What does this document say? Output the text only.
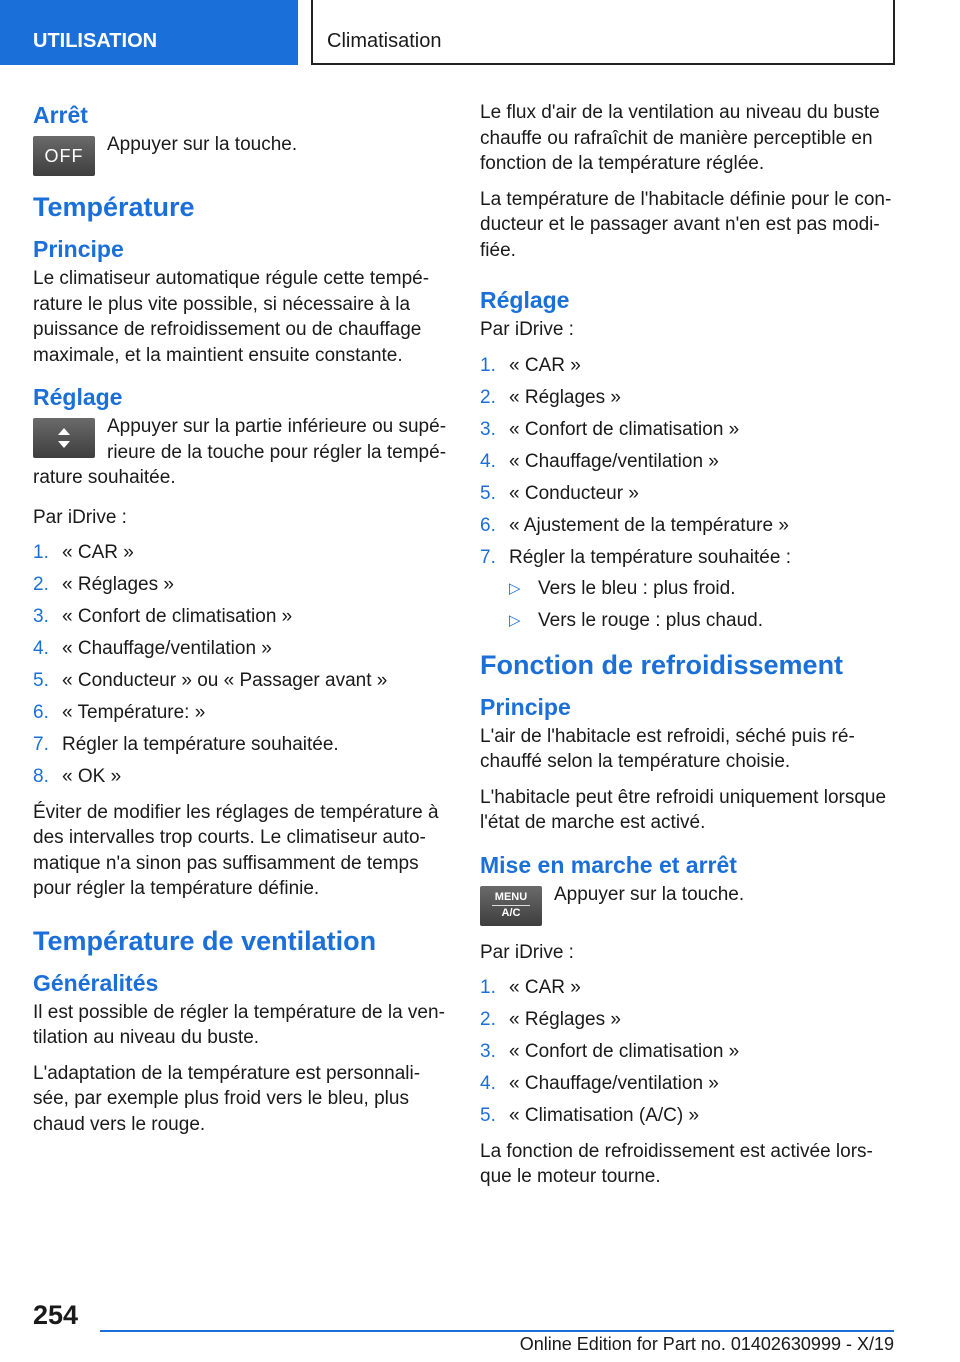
UTILISATION	Climatisation
Arrêt
OFF

Appuyer sur la touche.

Température
Principe

Le climatiseur automatique régule cette température le plus vite possible, si nécessaire à la puissance de refroidissement ou de chauffage maximale, et la maintient ensuite constante.

Réglage

Appuyer sur la partie inférieure ou supérieure de la touche pour régler la température souhaitée.

Par iDrive :

1. « CAR »
2. « Réglages »
3. « Confort de climatisation »
4. « Chauffage/ventilation »
5. « Conducteur » ou « Passager avant »
6. « Température: »
7. Régler la température souhaitée.
8. « OK »

Éviter de modifier les réglages de température à des intervalles trop courts. Le climatiseur automatique n'a sinon pas suffisamment de temps pour régler la température définie.

Température de ventilation
Généralités

Il est possible de régler la température de la ventilation au niveau du buste.

L'adaptation de la température est personnalisée, par exemple plus froid vers le bleu, plus chaud vers le rouge.

Le flux d'air de la ventilation au niveau du buste chauffe ou rafraîchit de manière perceptible en fonction de la température réglée.

La température de l'habitacle définie pour le conducteur et le passager avant n'en est pas modifiée.

Réglage

Par iDrive :

1. « CAR »
2. « Réglages »
3. « Confort de climatisation »
4. « Chauffage/ventilation »
5. « Conducteur »
6. « Ajustement de la température »
7. Régler la température souhaitée :
▷ Vers le bleu : plus froid.
▷ Vers le rouge : plus chaud.
Fonction de refroidissement
Principe

L'air de l'habitacle est refroidi, séché puis réchauffé selon la température choisie.

L'habitacle peut être refroidi uniquement lorsque l'état de marche est activé.

Mise en marche et arrêt
MENU
A/C

Appuyer sur la touche.

Par iDrive :

1. « CAR »
2. « Réglages »
3. « Confort de climatisation »
4. « Chauffage/ventilation »
5. « Climatisation (A/C) »

La fonction de refroidissement est activée lorsque le moteur tourne.

254
Online Edition for Part no. 01402630999 - X/19
